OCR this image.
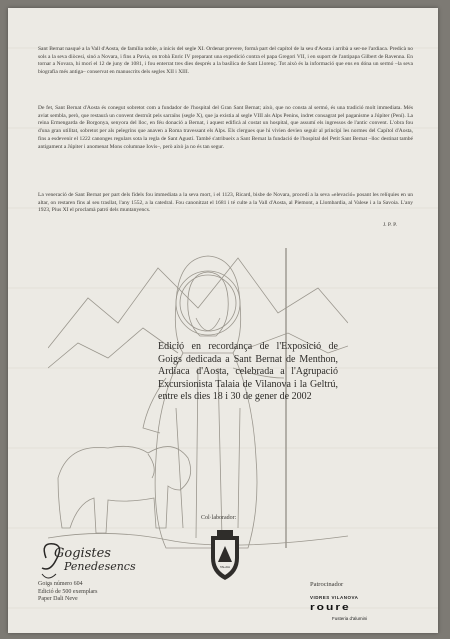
Sant Bernat nasqué a la Vall d'Aosta, de família noble, a inicis del segle XI. Ordenat prevere, formà part del capítol de la seu d'Aosta i arribà a ser-ne l'ardiaca. Predicà no sols a la seva diòcesi, sinó a Novara, i fins a Pavia, on trobà Enric IV preparant una expedició contra el papa Gregori VII, i en suport de l'antipapa Gilbert de Ravenna. En tornar a Novara, hi morí el 12 de juny de 1081, i fou enterrat tres dies després a la basílica de Sant Llorenç. Tot això és la informació que ens en dóna un sermó –la seva biografia més antiga– conservat en manuscrits dels segles XII i XIII.

De fet, Sant Bernat d'Aosta és conegut sobretot com a fundador de l'hospital del Gran Sant Bernat; això, que no consta al sermó, és una tradició molt immediata. Més aviat sembla, però, que restaurà un convent destruït pels sarraïns (segle X), que ja existia al segle VIII als Alps Penins, indret consagrat pel paganisme a Júpiter (Pení). La reina Ermengarda de Borgonya, senyora del lloc, en féu donació a Bernat, i aquest edificà al costat un hospital, que assumí els ingressos de l'antic convent. L'obra fou d'una gran utilitat, sobretot per als pelegrins que anaven a Roma travessant els Alps. Els clergues que hi vivien devien seguir al principi les normes del Capítol d'Aosta, fins a esdevenir el 1222 canonges regulars sota la regla de Sant Agustí. També s'atribueix a Sant Bernat la fundació de l'hospital del Petit Sant Bernat –lloc destinat també antigament a Júpiter i anomenat Mons columnae Iovis–, però això ja no és tan segur.

La veneració de Sant Bernat per part dels fidels fou immediata a la seva mort, i el 1123, Ricard, bisbe de Novara, procedí a la seva «elevació» posant les relíquies en un altar, on restaren fins al seu trasllat, l'any 1552, a la catedral. Fou canonitzat el 1681 i té culte a la Vall d'Aosta, al Piemont, a Llombardia, al Valese i a la Savoia. L'any 1923, Pius XI el proclamà patró dels muntanyencs.

J. P. P.

Edició en recordança de l'Exposició de Goigs dedicada a Sant Bernat de Menthon, Ardiaca d'Aosta, celebrada a l'Agrupació Excursionista Talaia de Vilanova i la Geltrú, entre els dies 18 i 30 de gener de 2002

Col·laborador:
TALAIA

Gogistes

Penedesencs

Goigs número 604
Edició de 500 exemplars
Paper Dali Neve
Patrocinador
VIDRES VILANOVA
roure
Fusteria d'alumini
